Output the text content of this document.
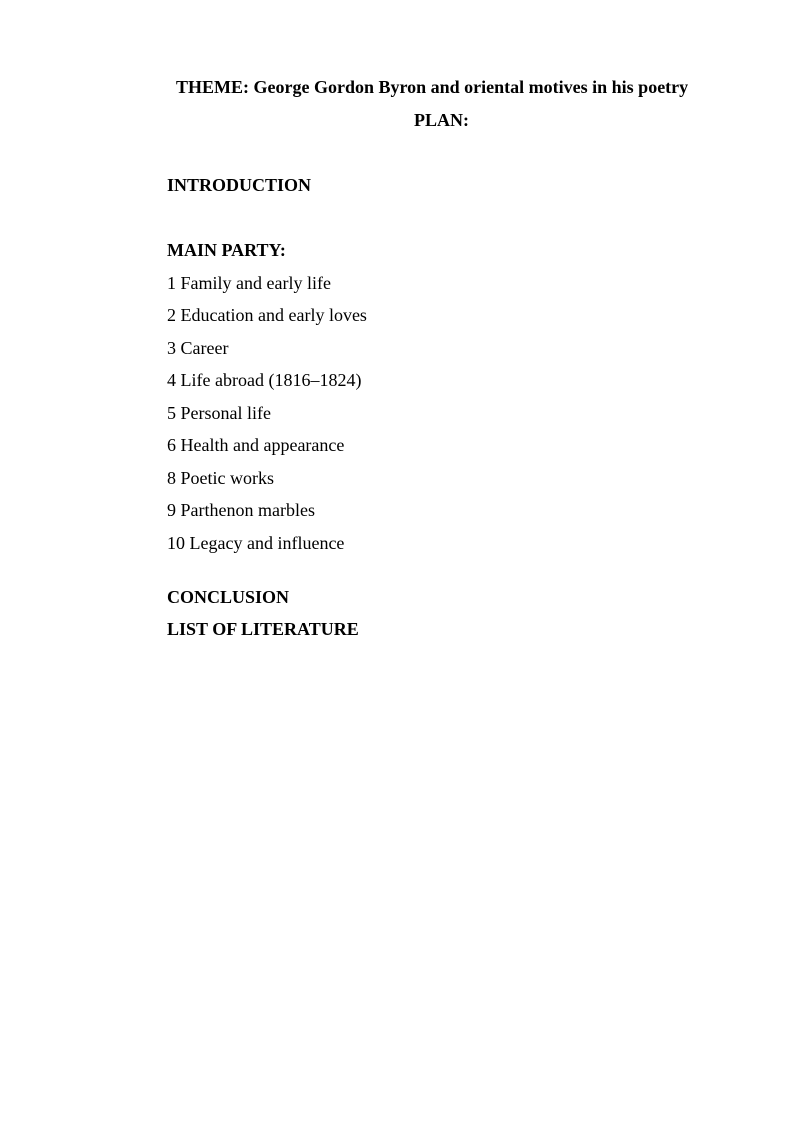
THEME: George Gordon Byron and oriental motives in his poetry
PLAN:

INTRODUCTION

MAIN PARTY:

1 Family and early life
2 Education and early loves
3 Career
4 Life abroad (1816–1824)
5 Personal life
6 Health and appearance
8 Poetic works
9 Parthenon marbles
10 Legacy and influence

CONCLUSION

LIST OF LITERATURE
